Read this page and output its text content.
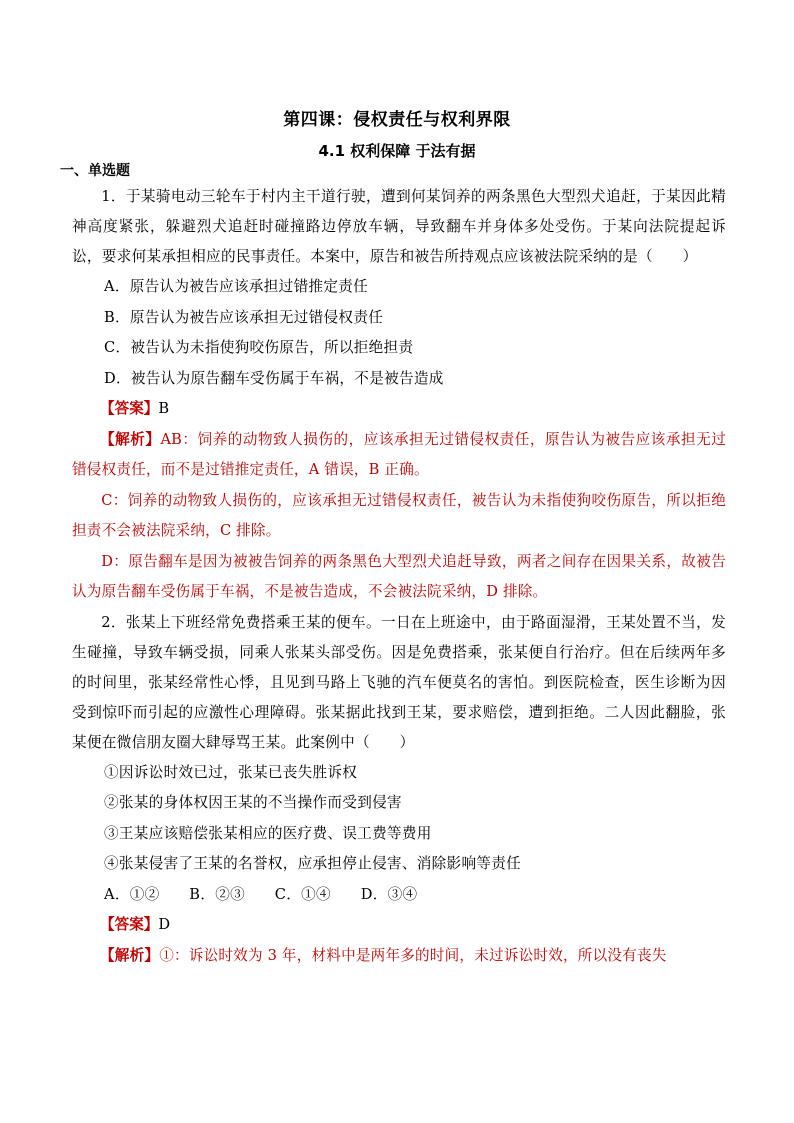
第四课：侵权责任与权利界限
4.1 权利保障 于法有据
一、单选题

1．于某骑电动三轮车于村内主干道行驶，遭到何某饲养的两条黑色大型烈犬追赶，于某因此精神高度紧张，躲避烈犬追赶时碰撞路边停放车辆，导致翻车并身体多处受伤。于某向法院提起诉讼，要求何某承担相应的民事责任。本案中，原告和被告所持观点应该被法院采纳的是（　　）

A．原告认为被告应该承担过错推定责任

B．原告认为被告应该承担无过错侵权责任

C．被告认为未指使狗咬伤原告，所以拒绝担责

D．被告认为原告翻车受伤属于车祸，不是被告造成

【答案】B

【解析】AB：饲养的动物致人损伤的，应该承担无过错侵权责任，原告认为被告应该承担无过错侵权责任，而不是过错推定责任，A 错误，B 正确。

C：饲养的动物致人损伤的，应该承担无过错侵权责任，被告认为未指使狗咬伤原告，所以拒绝担责不会被法院采纳，C 排除。

D：原告翻车是因为被被告饲养的两条黑色大型烈犬追赶导致，两者之间存在因果关系，故被告认为原告翻车受伤属于车祸，不是被告造成，不会被法院采纳，D 排除。

2．张某上下班经常免费搭乘王某的便车。一日在上班途中，由于路面湿滑，王某处置不当，发生碰撞，导致车辆受损，同乘人张某头部受伤。因是免费搭乘，张某便自行治疗。但在后续两年多的时间里，张某经常性心悸，且见到马路上飞驰的汽车便莫名的害怕。到医院检查，医生诊断为因受到惊吓而引起的应激性心理障碍。张某据此找到王某，要求赔偿，遭到拒绝。二人因此翻脸，张某便在微信朋友圈大肆辱骂王某。此案例中（　　）

①因诉讼时效已过，张某已丧失胜诉权

②张某的身体权因王某的不当操作而受到侵害

③王某应该赔偿张某相应的医疗费、误工费等费用

④张某侵害了王某的名誉权，应承担停止侵害、消除影响等责任

A．①②　　B．②③　　C．①④　　D．③④

【答案】D

【解析】①：诉讼时效为 3 年，材料中是两年多的时间，未过诉讼时效，所以没有丧失
